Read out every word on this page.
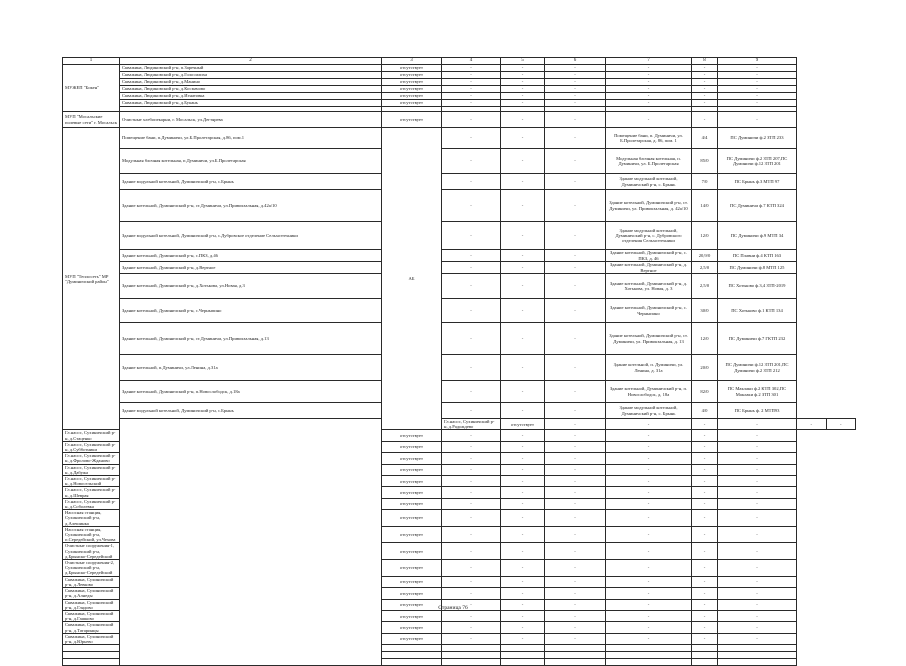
1	2	3	4	5	6	7	8	9		
МУЖЕП "Бокен"	Скважина, Людиновский р-н, п.Заречный	отсутствует	-	-	-	-	-	-		
	Скважина, Людиновский р-н, д.Голосилиха	отсутствует	-	-	-	-	-	-		
	Скважина, Людиновский р-н, д.Манино	отсутствует	-	-	-	-	-	-		
	Скважина, Людиновский р-н, д.Космачово	отсутствует	-	-	-	-	-	-		
	Скважина, Людиновский р-н, д.Игнатовка	отсутствует	-	-	-	-	-	-		
	Скважина, Людиновский р-н, д.Букань	отсутствует	-	-	-	-	-	-		

МУП "Мосальские полевые сети" г. Мосальск	Очистные хлебопекарни, г. Мосальск, ул.Дегтярева	отсутствует	-	-	-	-	-	-		
МУП "Теплосеть" МР "Думиничский район"	Помещение бани, п.Думиничи, ул.Б.Пролетарская, д.86, пом.1	АБ	-	-	-	Помещение бани, п. Думиничи, ул. Б.Пролетарская, д. 86, пом. 1	4/4	ПС Думиничи ф.2 ЗТП 233		
	Модульная блочная котельная, п.Думиничи, ул.Б.Пролетарская		-	-	-	Модульная блочная котельная, п. Думиничи, ул. Б.Пролетарская	85/0	ПС Думиничи ф.2 ЗТП 207,ПС Думиничи ф.12 ЗТП 201		
	Здание модульной котельной, Думиничский р-н, с.Брынь		-	-	-	Здание модульной котельной, Думиничский р-н, с. Брынь	7/0	ПС Брынь ф.3 МТП 97		
	Здание котельной, Думиничский р-н, ст.Думиничи, ул.Привокзальная, д.42а/10		-	-	-	Здание котельной, Думиничский р-н, ст. Думиничи, ул. Привокзальная, д. 42а/10	14/0	ПС Думиничи ф.7 КТП 324		
	Здание модульной котельной, Думиничский р-н, с.Дубровское отделение Сельхозтехники		-	-	-	Здание модульной котельной, Думиничский р-н, с. Дубровского отделения Сельхозтехники	12/0	ПС Думиничи ф.9 МТП 34		
	Здание котельной, Думиничский р-н, с.ПКЗ, д.46		-	-	-	Здание котельной, Думиничский р-н, с. ПКЗ, д. 46	20,9/0	ПС Плавни ф.4 КТП 163		
	Здание котельной, Думиничский р-н, д.Вертное		-	-	-	Здание котельной, Думиничский р-н, д. Вертное	2,5/0	ПС Думиничи ф.8 МТП 125		
	Здание котельной, Думиничский р-н, д.Хотькова, ул.Новая, д.3		-	-	-	Здание котельной, Думиничский р-н, д. Хотькова, ул. Новая, д. 3	2,5/0	ПС Хотьково ф.3,4 ЗТП-2019		
	Здание котельной, Думиничский р-н, с.Черныпино		-	-	-	Здание котельной, Думиничский р-н, с. Черныпино	30/0	ПС Хотьково ф.1 КТП 134		
	Здание котельной, Думиничский р-н, ст.Думиничи, ул.Привокзальная, д.13		-	-	-	Здание котельной, Думиничский р-н, ст. Думиничи, ул. Привокзальная, д. 13	12/0	ПС Думиничи ф.7 ГКТП 232		
	Здание котельной, п.Думиничи, ул.Ленина, д.31а		-	-	-	Здание котельной, п. Думиничи, ул. Ленина, д. 31а	20/0	ПС Думиничи ф.12 ЗТП 201,ПС Думиничи ф.2 ЗТП 212		
	Здание котельной, Думиничский р-н, п.Новослободск, д.18а		-	-	-	Здание котельной, Думиничский р-н, п. Новослободск, д. 18а	82/0	ПС Маклаки ф.2 КТП 302,ПС Маклаки ф.2 ЗТП 301		
	Здание модульной котельной, Думиничский р-н, с.Брынь		-	-	-	Здание модульной котельной, Думиничский р-н, с. Брынь	4/0	ПС Брынь ф. 2 МТП93		
			Гл.насос, Сухиничский р-н, д.Радождево	отсутствует	-	-	-	-	-	-
Гл.насос, Сухиничский р-н, д.Стаценко		отсутствует	-	-	-	-	-	-		
Гл.насос, Сухиничский р-н, д.Субботники		отсутствует	-	-	-	-	-	-		
Гл.насос, Сухиничский р-н, д.Фролово-Жданово		отсутствует	-	-	-	-	-	-		
Гл.насос, Сухиничский р-н, д.Дабужа		отсутствует	-	-	-	-	-	-		
Гл.насос, Сухиничский р-н, д.Новосельский		отсутствует	-	-	-	-	-	-		
Гл.насос, Сухиничский р-н, д.Шеврая		отсутствует	-	-	-	-	-	-		
Гл.насос, Сухиничский р-н, д.Соболевка		отсутствует	-	-	-	-	-	-		
Насосная станция, Сухиничский р-н, д.Алешинка		отсутствует	-	-	-	-	-	-		
Насосная станция, Сухиничский р-н, п.Середейский, ул.Чехова		отсутствует	-	-	-	-	-	-		
Очистные сооружения-1, Сухиничский р-н, д.Брынско-Середейский		отсутствует	-	-	-	-	-	-		
Очистные сооружения-2, Сухиничский р-н, д.Брынско-Середейский		отсутствует	-	-	-	-	-	-		
Скважина, Сухиничский р-н, д.Левково		отсутствует	-	-	-	-	-	-		
Скважина, Сухиничский р-н, д.Алнеды		отсутствует	-	-	-	-	-	-		
Скважина, Сухиничский р-н, д.Глядово		отсутствует	-	-	-	-	-	-		
Скважина, Сухиничский р-н, д.Гашково		отсутствует	-	-	-	-	-	-		
Скважина, Сухиничский р-н, д.Татаринцы		отсутствует	-	-	-	-	-	-		
Скважина, Сухиничский р-н, д.Юрьево		отсутствует	-	-	-	-	-	-		

Страница 76
